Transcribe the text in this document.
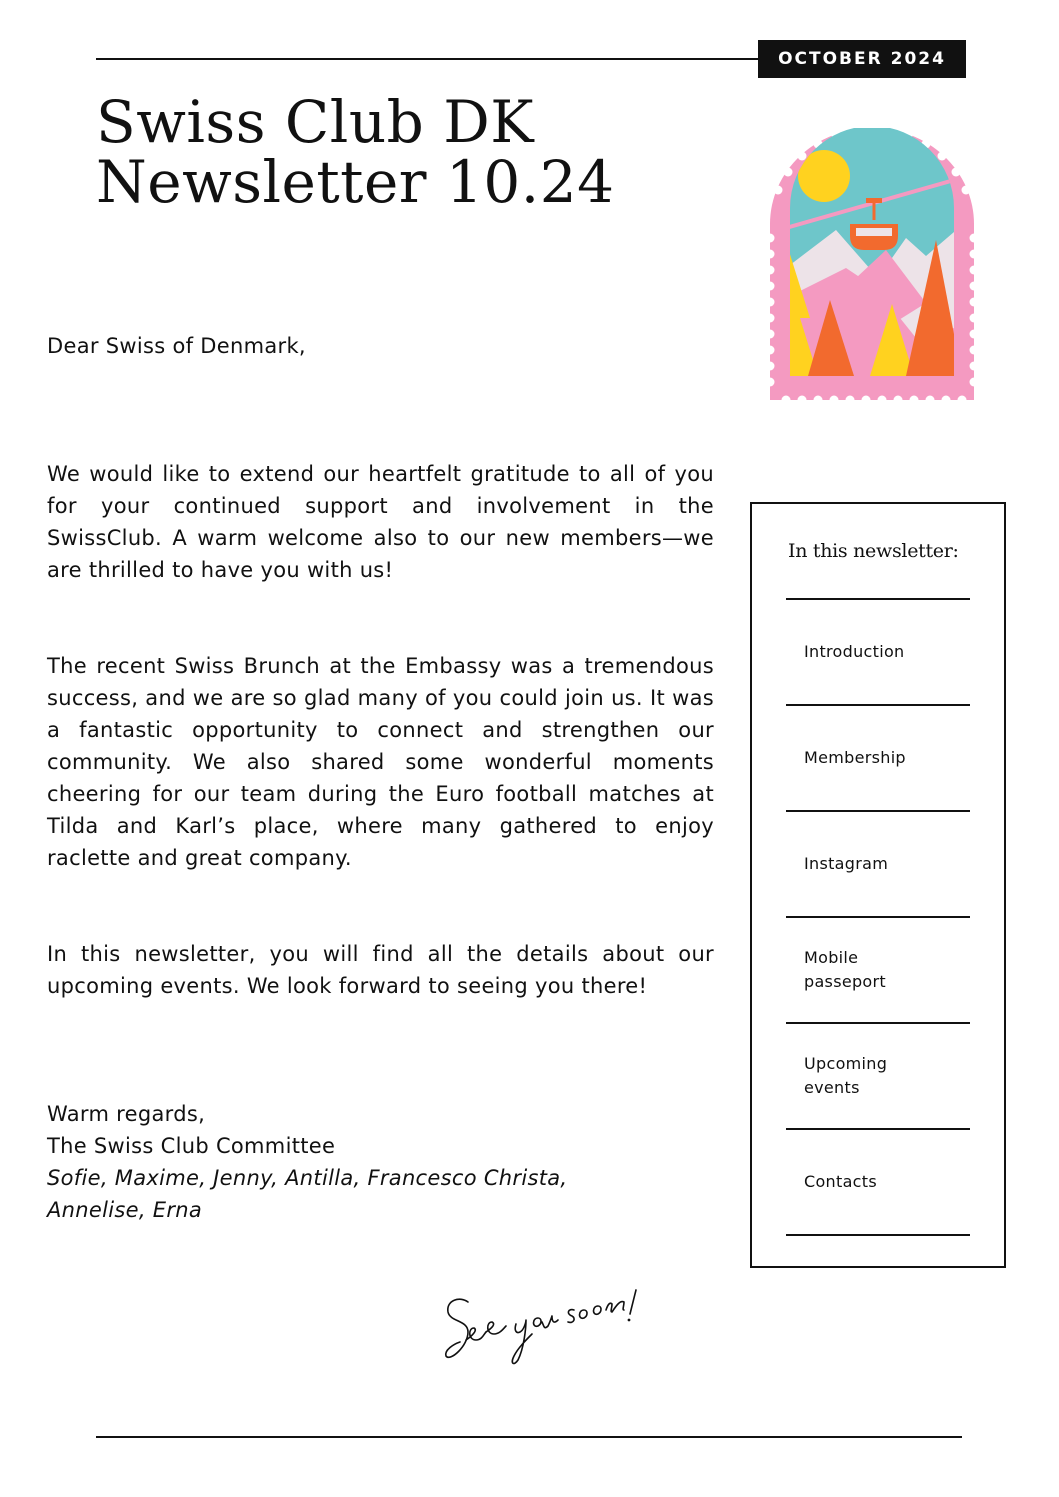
OCTOBER 2024
Swiss Club DK
Newsletter 10.24

Dear Swiss of Denmark,

We would like to extend our heartfelt gratitude to all of you for your continued support and involvement in the SwissClub. A warm welcome also to our new members—we are thrilled to have you with us!

The recent Swiss Brunch at the Embassy was a tremendous success, and we are so glad many of you could join us. It was a fantastic opportunity to connect and strengthen our community. We also shared some wonderful moments cheering for our team during the Euro football matches at Tilda and Karl’s place, where many gathered to enjoy raclette and great company.

In this newsletter, you will find all the details about our upcoming events. We look forward to seeing you there!

Warm regards,
The Swiss Club Committee
Sofie, Maxime, Jenny, Antilla, Francesco Christa,
Annelise, Erna
In this newsletter:
Introduction
Membership
Instagram
Mobile
passeport
Upcoming
events
Contacts
See you soon!
